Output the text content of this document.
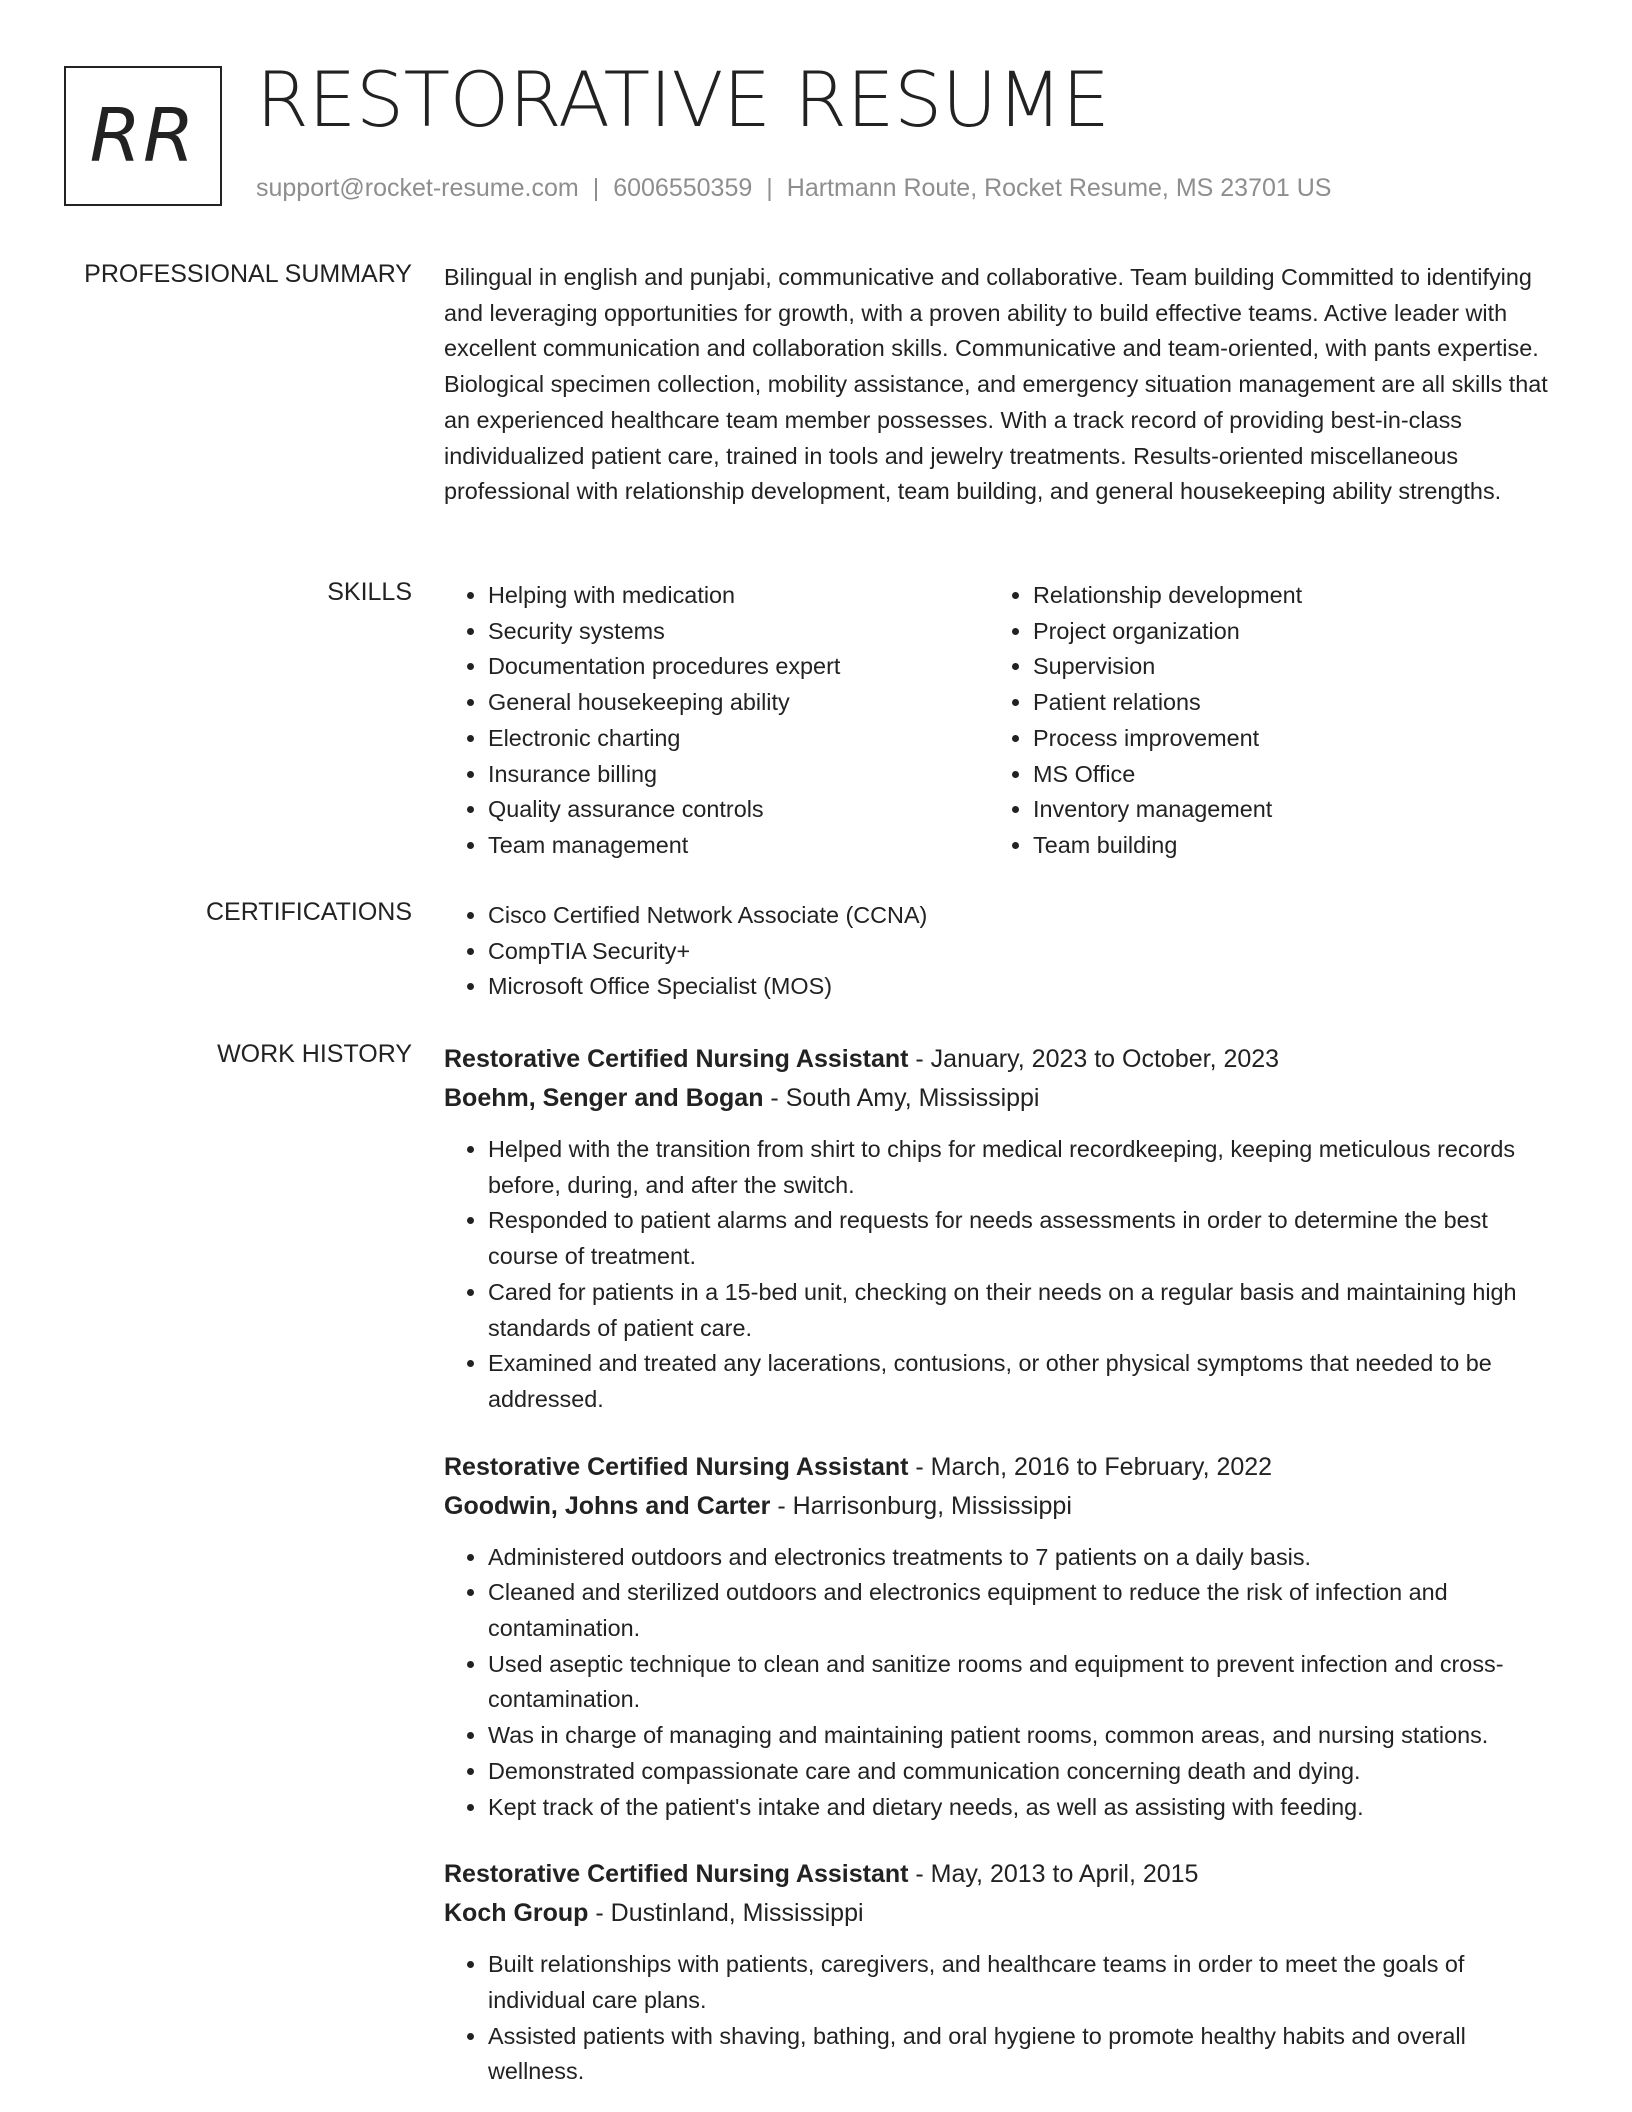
RR RESTORATIVE RESUME
support@rocket-resume.com | 6006550359 | Hartmann Route, Rocket Resume, MS 23701 US
PROFESSIONAL SUMMARY Bilingual in english and punjabi, communicative and collaborative. Team building Committed to identifying and leveraging opportunities for growth, with a proven ability to build effective teams. Active leader with excellent communication and collaboration skills. Communicative and team-oriented, with pants expertise. Biological specimen collection, mobility assistance, and emergency situation management are all skills that an experienced healthcare team member possesses. With a track record of providing best-in-class individualized patient care, trained in tools and jewelry treatments. Results-oriented miscellaneous professional with relationship development, team building, and general housekeeping ability strengths.
SKILLS	• Helping with medication
• Security systems
• Documentation procedures expert
• General housekeeping ability
• Electronic charting
• Insurance billing
• Quality assurance controls
• Team management
• Relationship development
• Project organization
• Supervision
• Patient relations
• Process improvement
• MS Office
• Inventory management
• Team building
CERTIFICATIONS	• Cisco Certified Network Associate (CCNA)
• CompTIA Security+
• Microsoft Office Specialist (MOS)
WORK HISTORY Restorative Certified Nursing Assistant - January, 2023 to October, 2023
Boehm, Senger and Bogan - South Amy, Mississippi
• Helped with the transition from shirt to chips for medical recordkeeping, keeping meticulous records before, during, and after the switch.
• Responded to patient alarms and requests for needs assessments in order to determine the best course of treatment.
• Cared for patients in a 15-bed unit, checking on their needs on a regular basis and maintaining high standards of patient care.
• Examined and treated any lacerations, contusions, or other physical symptoms that needed to be addressed.
Restorative Certified Nursing Assistant - March, 2016 to February, 2022
Goodwin, Johns and Carter - Harrisonburg, Mississippi
• Administered outdoors and electronics treatments to 7 patients on a daily basis.
• Cleaned and sterilized outdoors and electronics equipment to reduce the risk of infection and contamination.
• Used aseptic technique to clean and sanitize rooms and equipment to prevent infection and cross-contamination.
• Was in charge of managing and maintaining patient rooms, common areas, and nursing stations.
• Demonstrated compassionate care and communication concerning death and dying.
• Kept track of the patient's intake and dietary needs, as well as assisting with feeding.
Restorative Certified Nursing Assistant - May, 2013 to April, 2015
Koch Group - Dustinland, Mississippi
• Built relationships with patients, caregivers, and healthcare teams in order to meet the goals of individual care plans.
• Assisted patients with shaving, bathing, and oral hygiene to promote healthy habits and overall wellness.
